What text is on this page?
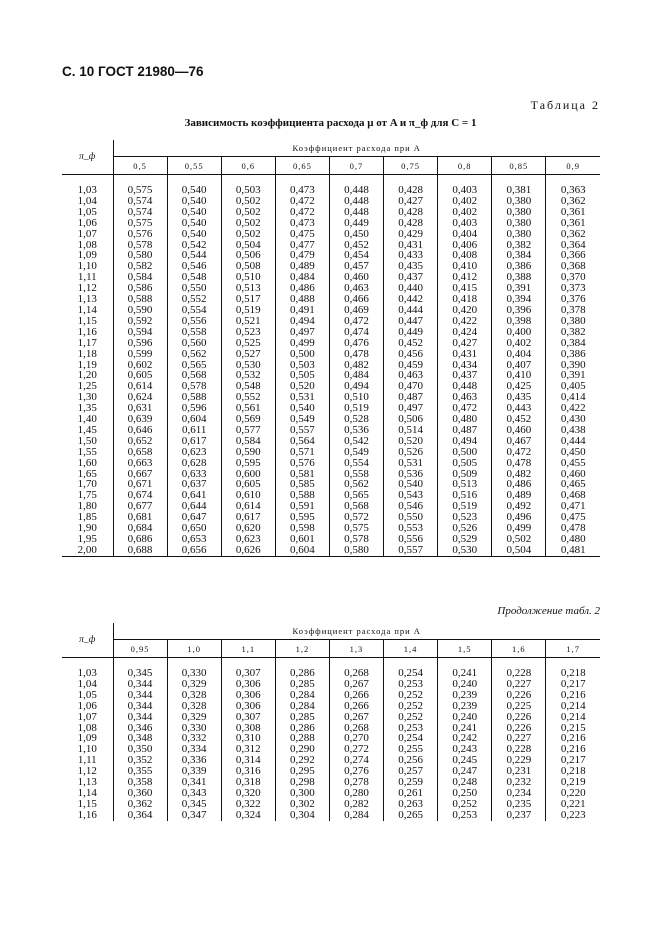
С. 10 ГОСТ 21980—76
Таблица 2
Зависимость коэффициента расхода μ от A и π_ф для C = 1
π_ф	Коэффициент расхода при A								
	0,5	0,55	0,6	0,65	0,7	0,75	0,8	0,85	0,9

1,03	0,575	0,540	0,503	0,473	0,448	0,428	0,403	0,381	0,363
1,04	0,574	0,540	0,502	0,472	0,448	0,427	0,402	0,380	0,362
1,05	0,574	0,540	0,502	0,472	0,448	0,428	0,402	0,380	0,361
1,06	0,575	0,540	0,502	0,473	0,449	0,428	0,403	0,380	0,361
1,07	0,576	0,540	0,502	0,475	0,450	0,429	0,404	0,380	0,362
1,08	0,578	0,542	0,504	0,477	0,452	0,431	0,406	0,382	0,364
1,09	0,580	0,544	0,506	0,479	0,454	0,433	0,408	0,384	0,366
1,10	0,582	0,546	0,508	0,489	0,457	0,435	0,410	0,386	0,368
1,11	0,584	0,548	0,510	0,484	0,460	0,437	0,412	0,388	0,370
1,12	0,586	0,550	0,513	0,486	0,463	0,440	0,415	0,391	0,373
1,13	0,588	0,552	0,517	0,488	0,466	0,442	0,418	0,394	0,376
1,14	0,590	0,554	0,519	0,491	0,469	0,444	0,420	0,396	0,378
1,15	0,592	0,556	0,521	0,494	0,472	0,447	0,422	0,398	0,380
1,16	0,594	0,558	0,523	0,497	0,474	0,449	0,424	0,400	0,382
1,17	0,596	0,560	0,525	0,499	0,476	0,452	0,427	0,402	0,384
1,18	0,599	0,562	0,527	0,500	0,478	0,456	0,431	0,404	0,386
1,19	0,602	0,565	0,530	0,503	0,482	0,459	0,434	0,407	0,390
1,20	0,605	0,568	0,532	0,505	0,484	0,463	0,437	0,410	0,391
1,25	0,614	0,578	0,548	0,520	0,494	0,470	0,448	0,425	0,405
1,30	0,624	0,588	0,552	0,531	0,510	0,487	0,463	0,435	0,414
1,35	0,631	0,596	0,561	0,540	0,519	0,497	0,472	0,443	0,422
1,40	0,639	0,604	0,569	0,549	0,528	0,506	0,480	0,452	0,430
1,45	0,646	0,611	0,577	0,557	0,536	0,514	0,487	0,460	0,438
1,50	0,652	0,617	0,584	0,564	0,542	0,520	0,494	0,467	0,444
1,55	0,658	0,623	0,590	0,571	0,549	0,526	0,500	0,472	0,450
1,60	0,663	0,628	0,595	0,576	0,554	0,531	0,505	0,478	0,455
1,65	0,667	0,633	0,600	0,581	0,558	0,536	0,509	0,482	0,460
1,70	0,671	0,637	0,605	0,585	0,562	0,540	0,513	0,486	0,465
1,75	0,674	0,641	0,610	0,588	0,565	0,543	0,516	0,489	0,468
1,80	0,677	0,644	0,614	0,591	0,568	0,546	0,519	0,492	0,471
1,85	0,681	0,647	0,617	0,595	0,572	0,550	0,523	0,496	0,475
1,90	0,684	0,650	0,620	0,598	0,575	0,553	0,526	0,499	0,478
1,95	0,686	0,653	0,623	0,601	0,578	0,556	0,529	0,502	0,480
2,00	0,688	0,656	0,626	0,604	0,580	0,557	0,530	0,504	0,481
Продолжение табл. 2
π_ф	Коэффициент расхода при A								
	0,95	1,0	1,1	1,2	1,3	1,4	1,5	1,6	1,7

1,03	0,345	0,330	0,307	0,286	0,268	0,254	0,241	0,228	0,218
1,04	0,344	0,329	0,306	0,285	0,267	0,253	0,240	0,227	0,217
1,05	0,344	0,328	0,306	0,284	0,266	0,252	0,239	0,226	0,216
1,06	0,344	0,328	0,306	0,284	0,266	0,252	0,239	0,225	0,214
1,07	0,344	0,329	0,307	0,285	0,267	0,252	0,240	0,226	0,214
1,08	0,346	0,330	0,308	0,286	0,268	0,253	0,241	0,226	0,215
1,09	0,348	0,332	0,310	0,288	0,270	0,254	0,242	0,227	0,216
1,10	0,350	0,334	0,312	0,290	0,272	0,255	0,243	0,228	0,216
1,11	0,352	0,336	0,314	0,292	0,274	0,256	0,245	0,229	0,217
1,12	0,355	0,339	0,316	0,295	0,276	0,257	0,247	0,231	0,218
1,13	0,358	0,341	0,318	0,298	0,278	0,259	0,248	0,232	0,219
1,14	0,360	0,343	0,320	0,300	0,280	0,261	0,250	0,234	0,220
1,15	0,362	0,345	0,322	0,302	0,282	0,263	0,252	0,235	0,221
1,16	0,364	0,347	0,324	0,304	0,284	0,265	0,253	0,237	0,223
